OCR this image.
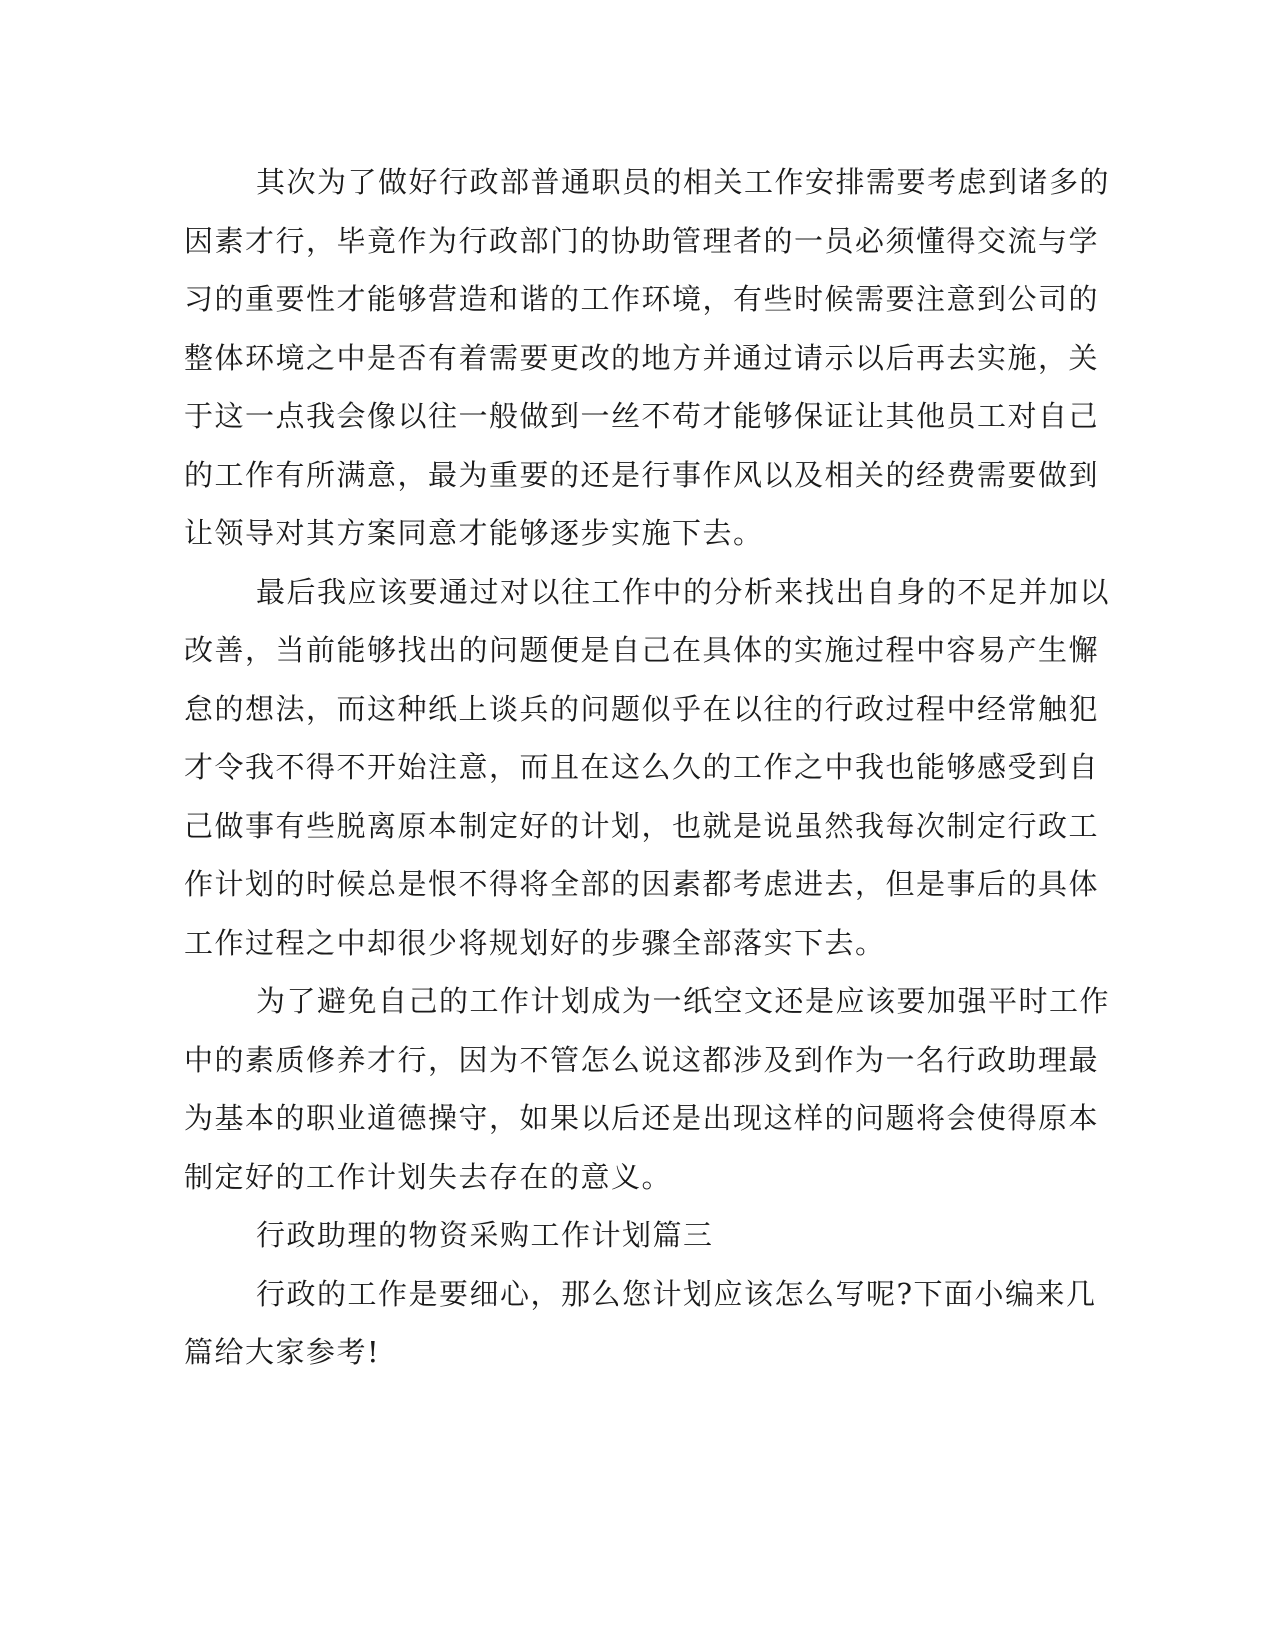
其次为了做好行政部普通职员的相关工作安排需要考虑到诸多的
因素才行，毕竟作为行政部门的协助管理者的一员必须懂得交流与学
习的重要性才能够营造和谐的工作环境，有些时候需要注意到公司的
整体环境之中是否有着需要更改的地方并通过请示以后再去实施，关
于这一点我会像以往一般做到一丝不苟才能够保证让其他员工对自己
的工作有所满意，最为重要的还是行事作风以及相关的经费需要做到
让领导对其方案同意才能够逐步实施下去。
最后我应该要通过对以往工作中的分析来找出自身的不足并加以
改善，当前能够找出的问题便是自己在具体的实施过程中容易产生懈
怠的想法，而这种纸上谈兵的问题似乎在以往的行政过程中经常触犯
才令我不得不开始注意，而且在这么久的工作之中我也能够感受到自
己做事有些脱离原本制定好的计划，也就是说虽然我每次制定行政工
作计划的时候总是恨不得将全部的因素都考虑进去，但是事后的具体
工作过程之中却很少将规划好的步骤全部落实下去。
为了避免自己的工作计划成为一纸空文还是应该要加强平时工作
中的素质修养才行，因为不管怎么说这都涉及到作为一名行政助理最
为基本的职业道德操守，如果以后还是出现这样的问题将会使得原本
制定好的工作计划失去存在的意义。
行政助理的物资采购工作计划篇三
行政的工作是要细心，那么您计划应该怎么写呢?下面小编来几
篇给大家参考!
